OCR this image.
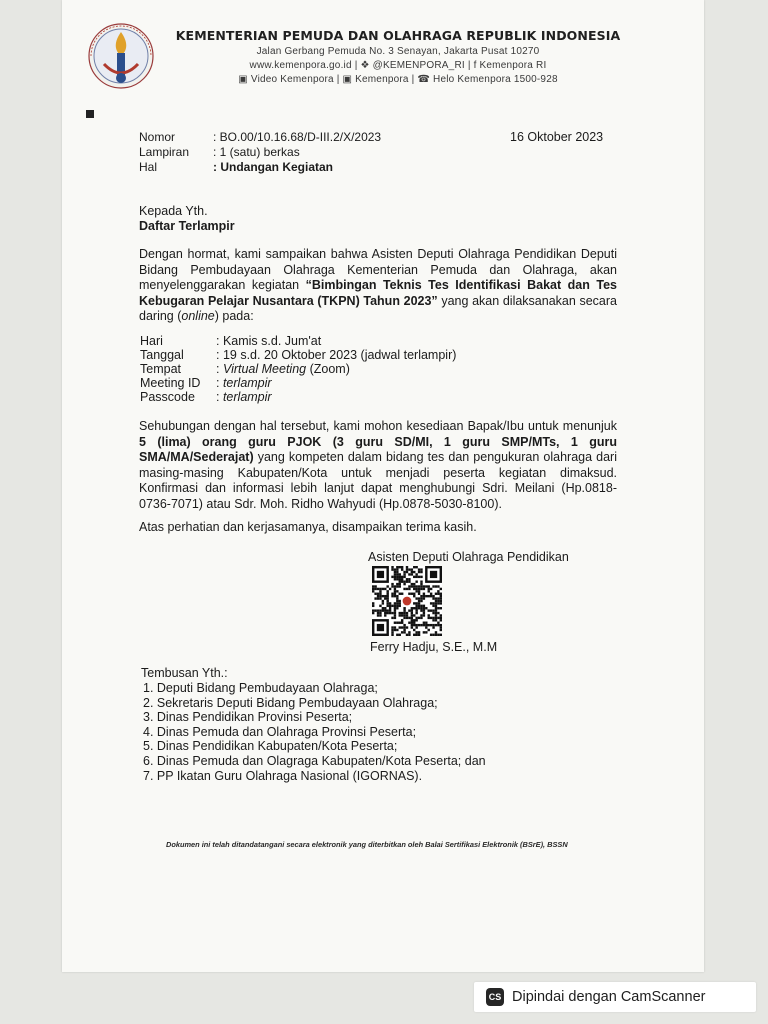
KEMENTERIAN PEMUDA DAN OLAHRAGA REPUBLIK INDONESIA
Jalan Gerbang Pemuda No. 3 Senayan, Jakarta Pusat 10270
www.kemenpora.go.id | ❖ @KEMENPORA_RI | f Kemenpora RI
▣ Video Kemenpora | ▣ Kemenpora | ☎ Helo Kemenpora 1500-928
Nomor	: BO.00/10.16.68/D-III.2/X/2023	16 Oktober 2023
Lampiran : 1 (satu) berkas
Hal	: Undangan Kegiatan
Kepada Yth.
Daftar Terlampir
Dengan hormat, kami sampaikan bahwa Asisten Deputi Olahraga Pendidikan Deputi Bidang Pembudayaan Olahraga Kementerian Pemuda dan Olahraga, akan menyelenggarakan kegiatan “Bimbingan Teknis Tes Identifikasi Bakat dan Tes Kebugaran Pelajar Nusantara (TKPN) Tahun 2023” yang akan dilaksanakan secara daring (online) pada:
Hari	: Kamis s.d. Jum'at
Tanggal	: 19 s.d. 20 Oktober 2023 (jadwal terlampir)
Tempat	: Virtual Meeting (Zoom)
Meeting ID : terlampir
Passcode : terlampir
Sehubungan dengan hal tersebut, kami mohon kesediaan Bapak/Ibu untuk menunjuk 5 (lima) orang guru PJOK (3 guru SD/MI, 1 guru SMP/MTs, 1 guru SMA/MA/Sederajat) yang kompeten dalam bidang tes dan pengukuran olahraga dari masing-masing Kabupaten/Kota untuk menjadi peserta kegiatan dimaksud. Konfirmasi dan informasi lebih lanjut dapat menghubungi Sdri. Meilani (Hp.0818-0736-7071) atau Sdr. Moh. Ridho Wahyudi (Hp.0878-5030-8100).
Atas perhatian dan kerjasamanya, disampaikan terima kasih.
Asisten Deputi Olahraga Pendidikan
Ferry Hadju, S.E., M.M
Tembusan Yth.:
1. Deputi Bidang Pembudayaan Olahraga;
2. Sekretaris Deputi Bidang Pembudayaan Olahraga;
3. Dinas Pendidikan Provinsi Peserta;
4. Dinas Pemuda dan Olahraga Provinsi Peserta;
5. Dinas Pendidikan Kabupaten/Kota Peserta;
6. Dinas Pemuda dan Olagraga Kabupaten/Kota Peserta; dan
7. PP Ikatan Guru Olahraga Nasional (IGORNAS).
Dokumen ini telah ditandatangani secara elektronik yang diterbitkan oleh Balai Sertifikasi Elektronik (BSrE), BSSN
CS Dipindai dengan CamScanner
